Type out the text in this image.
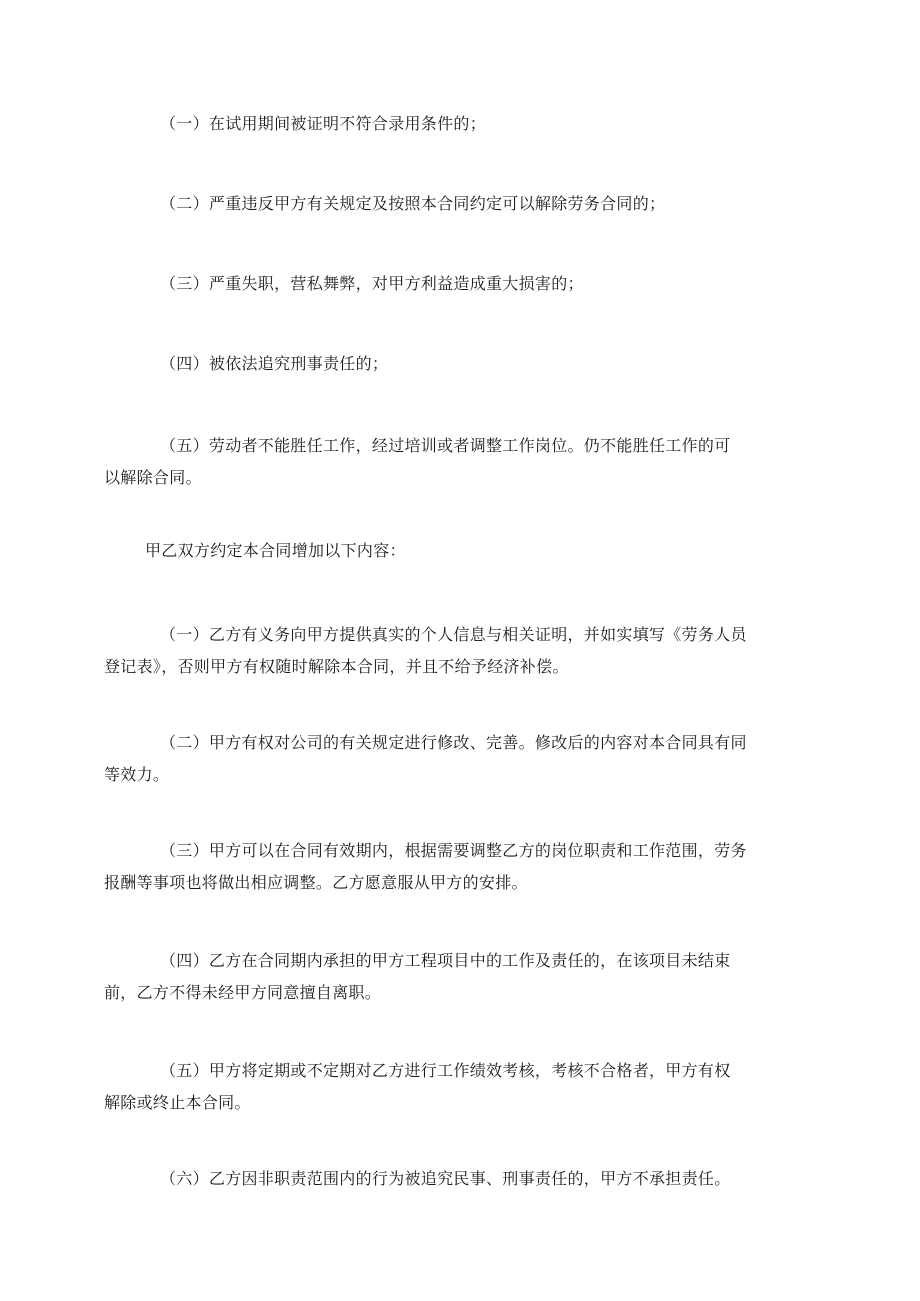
（一）在试用期间被证明不符合录用条件的；

（二）严重违反甲方有关规定及按照本合同约定可以解除劳务合同的；

（三）严重失职，营私舞弊，对甲方利益造成重大损害的；

（四）被依法追究刑事责任的；

（五）劳动者不能胜任工作，经过培训或者调整工作岗位。仍不能胜任工作的可
以解除合同。

甲乙双方约定本合同增加以下内容：

（一）乙方有义务向甲方提供真实的个人信息与相关证明，并如实填写《劳务人员
登记表》，否则甲方有权随时解除本合同，并且不给予经济补偿。

（二）甲方有权对公司的有关规定进行修改、完善。修改后的内容对本合同具有同
等效力。

（三）甲方可以在合同有效期内，根据需要调整乙方的岗位职责和工作范围，劳务
报酬等事项也将做出相应调整。乙方愿意服从甲方的安排。

（四）乙方在合同期内承担的甲方工程项目中的工作及责任的，在该项目未结束
前，乙方不得未经甲方同意擅自离职。

（五）甲方将定期或不定期对乙方进行工作绩效考核，考核不合格者，甲方有权
解除或终止本合同。

（六）乙方因非职责范围内的行为被追究民事、刑事责任的，甲方不承担责任。
